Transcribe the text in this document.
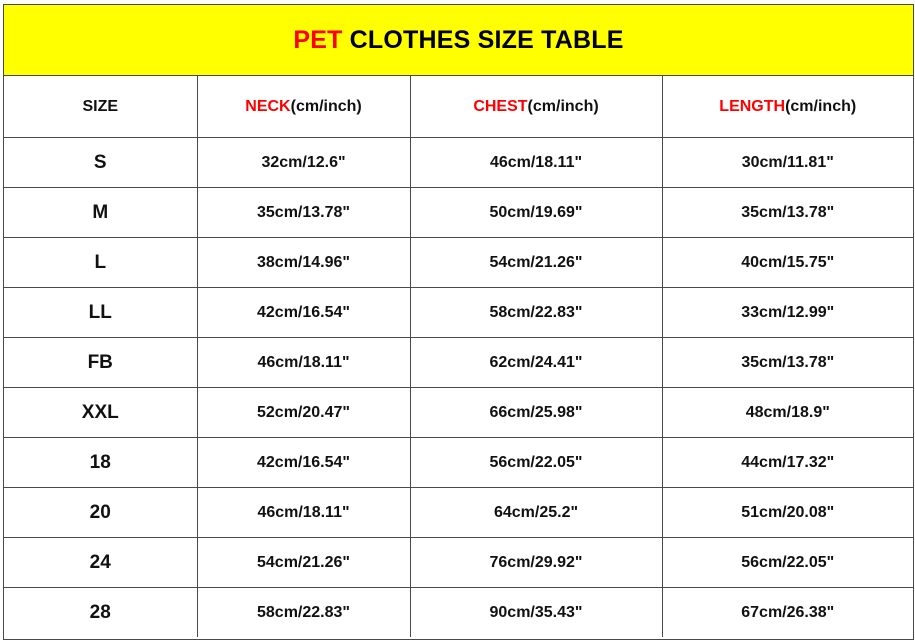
PET CLOTHES SIZE TABLE
SIZE	NECK(cm/inch)	CHEST(cm/inch)	LENGTH(cm/inch)
S	32cm/12.6"	46cm/18.11"	30cm/11.81"
M	35cm/13.78"	50cm/19.69"	35cm/13.78"
L	38cm/14.96"	54cm/21.26"	40cm/15.75"
LL	42cm/16.54"	58cm/22.83"	33cm/12.99"
FB	46cm/18.11"	62cm/24.41"	35cm/13.78"
XXL	52cm/20.47"	66cm/25.98"	48cm/18.9"
18	42cm/16.54"	56cm/22.05"	44cm/17.32"
20	46cm/18.11"	64cm/25.2"	51cm/20.08"
24	54cm/21.26"	76cm/29.92"	56cm/22.05"
28	58cm/22.83"	90cm/35.43"	67cm/26.38"
